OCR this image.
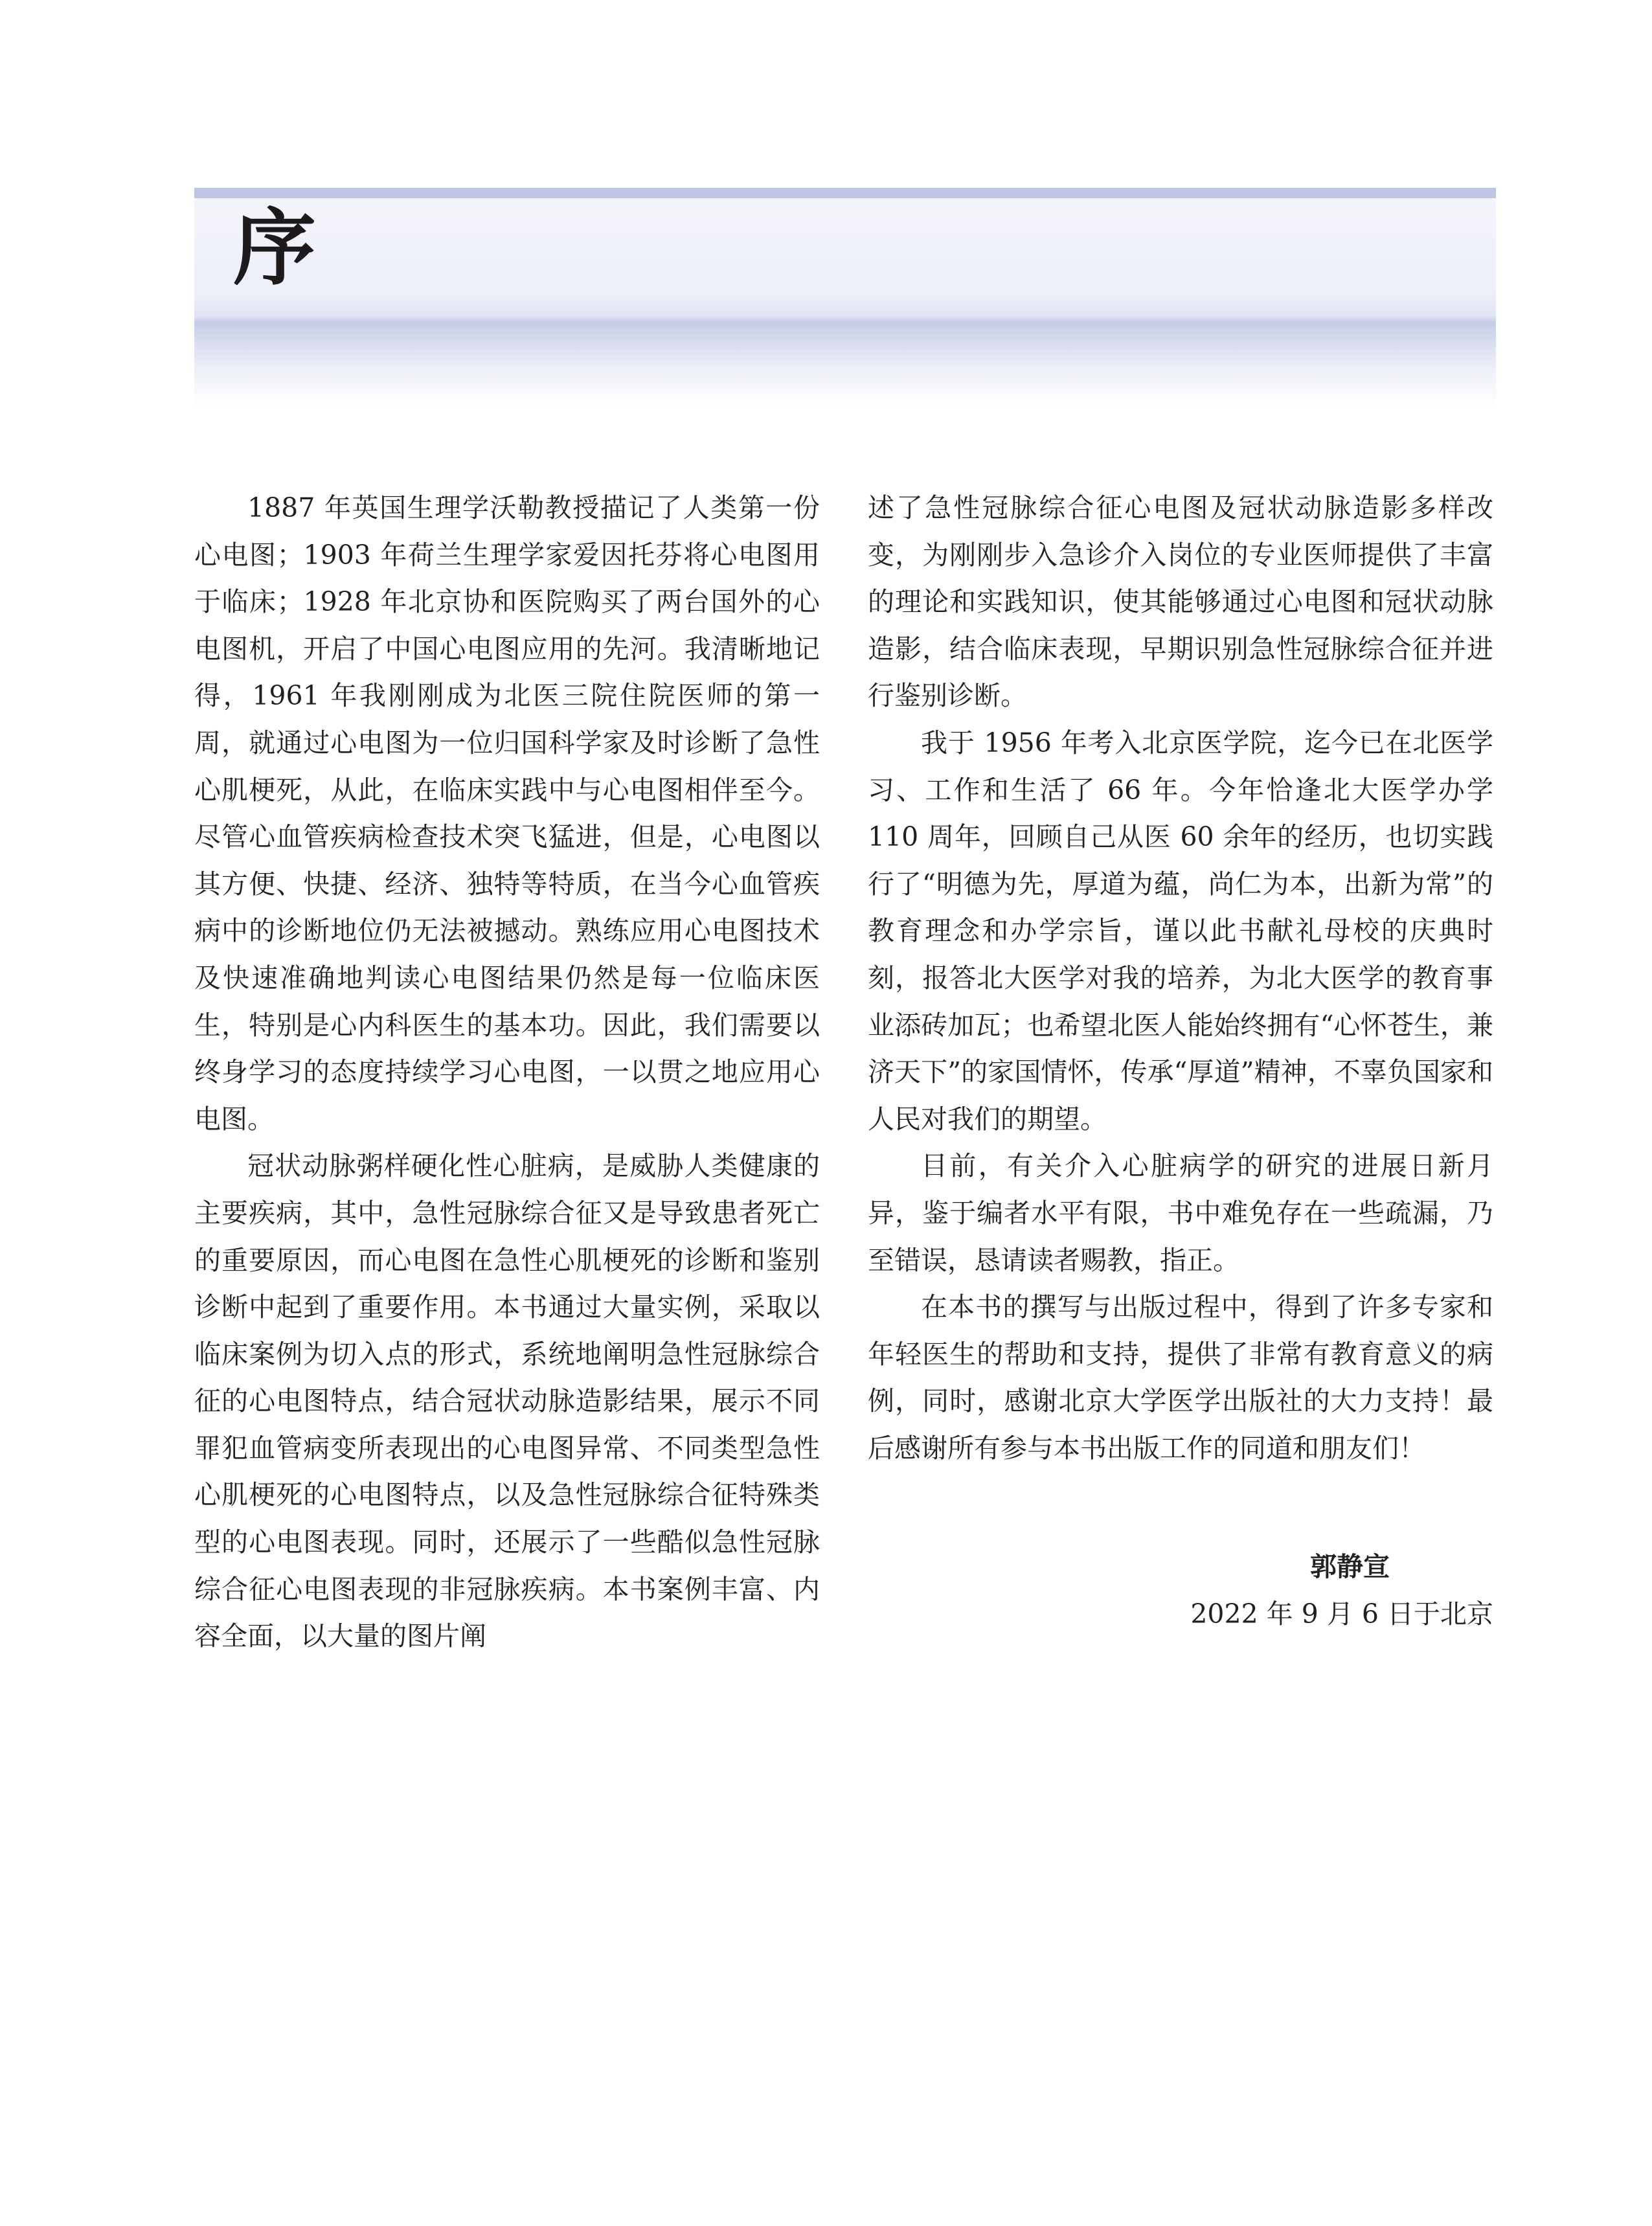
序

1887 年英国生理学沃勒教授描记了人类第一份心电图；1903 年荷兰生理学家爱因托芬将心电图用于临床；1928 年北京协和医院购买了两台国外的心电图机，开启了中国心电图应用的先河。我清晰地记得，1961 年我刚刚成为北医三院住院医师的第一周，就通过心电图为一位归国科学家及时诊断了急性心肌梗死，从此，在临床实践中与心电图相伴至今。尽管心血管疾病检查技术突飞猛进，但是，心电图以其方便、快捷、经济、独特等特质，在当今心血管疾病中的诊断地位仍无法被撼动。熟练应用心电图技术及快速准确地判读心电图结果仍然是每一位临床医生，特别是心内科医生的基本功。因此，我们需要以终身学习的态度持续学习心电图，一以贯之地应用心电图。

冠状动脉粥样硬化性心脏病，是威胁人类健康的主要疾病，其中，急性冠脉综合征又是导致患者死亡的重要原因，而心电图在急性心肌梗死的诊断和鉴别诊断中起到了重要作用。本书通过大量实例，采取以临床案例为切入点的形式，系统地阐明急性冠脉综合征的心电图特点，结合冠状动脉造影结果，展示不同罪犯血管病变所表现出的心电图异常、不同类型急性心肌梗死的心电图特点，以及急性冠脉综合征特殊类型的心电图表现。同时，还展示了一些酷似急性冠脉综合征心电图表现的非冠脉疾病。本书案例丰富、内容全面，以大量的图片阐

述了急性冠脉综合征心电图及冠状动脉造影多样改变，为刚刚步入急诊介入岗位的专业医师提供了丰富的理论和实践知识，使其能够通过心电图和冠状动脉造影，结合临床表现，早期识别急性冠脉综合征并进行鉴别诊断。

我于 1956 年考入北京医学院，迄今已在北医学习、工作和生活了 66 年。今年恰逢北大医学办学 110 周年，回顾自己从医 60 余年的经历，也切实践行了“明德为先，厚道为蕴，尚仁为本，出新为常”的教育理念和办学宗旨，谨以此书献礼母校的庆典时刻，报答北大医学对我的培养，为北大医学的教育事业添砖加瓦；也希望北医人能始终拥有“心怀苍生，兼济天下”的家国情怀，传承“厚道”精神，不辜负国家和人民对我们的期望。

目前，有关介入心脏病学的研究的进展日新月异，鉴于编者水平有限，书中难免存在一些疏漏，乃至错误，恳请读者赐教，指正。

在本书的撰写与出版过程中，得到了许多专家和年轻医生的帮助和支持，提供了非常有教育意义的病例，同时，感谢北京大学医学出版社的大力支持！最后感谢所有参与本书出版工作的同道和朋友们！

郭静宣
2022 年 9 月 6 日于北京
